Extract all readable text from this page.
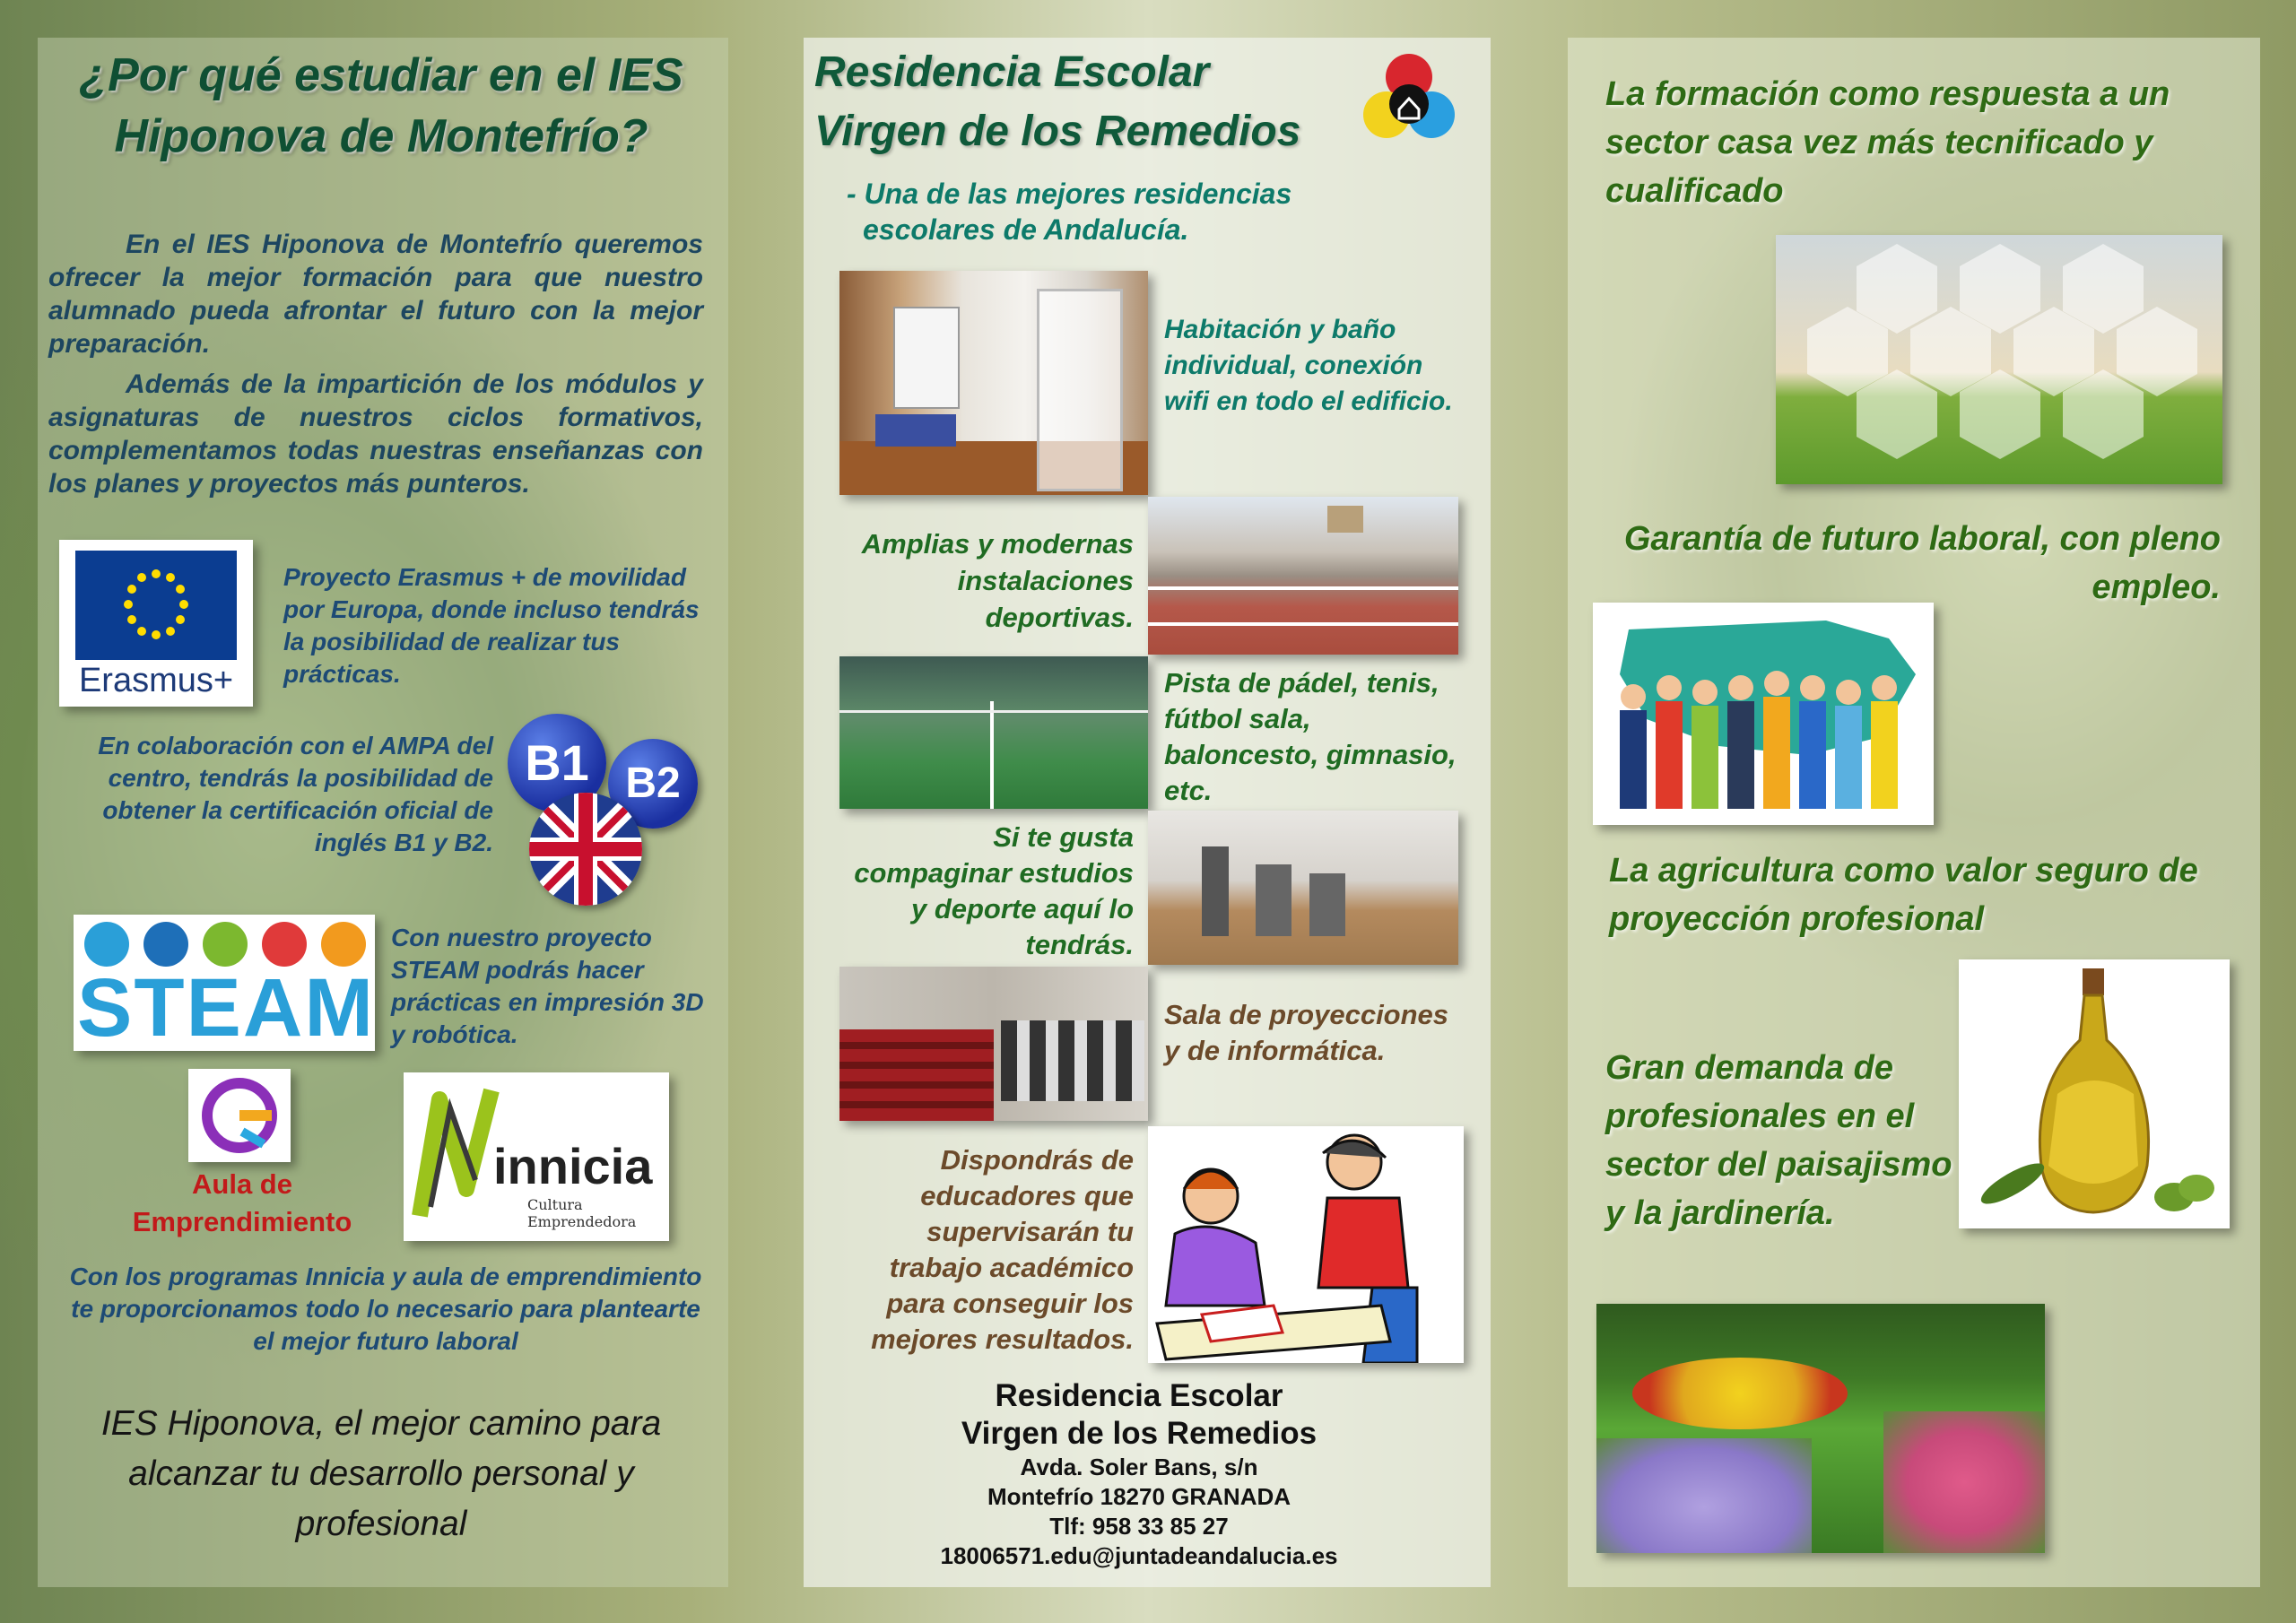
¿Por qué estudiar en el IES Hiponova de Montefrío?
En el IES Hiponova de Montefrío queremos ofrecer la mejor formación para que nuestro alumnado pueda afrontar el futuro con la mejor preparación.
Además de la impartición de los módulos y asignaturas de nuestros ciclos formativos, complementamos todas nuestras enseñanzas con los planes y proyectos más punteros.
Erasmus+
Proyecto Erasmus + de movilidad por Europa, donde incluso tendrás la posibilidad de realizar tus prácticas.
En colaboración con el AMPA del centro, tendrás la posibilidad de obtener la certificación oficial de inglés B1 y B2.
B1 B2
STEAM
Con nuestro proyecto STEAM podrás hacer prácticas en impresión 3D y robótica.
Aula de Emprendimiento
innicia
Cultura Emprendedora
Con los programas Innicia y aula de emprendimiento te proporcionamos todo lo necesario para plantearte el mejor futuro laboral
IES Hiponova, el mejor camino para alcanzar tu desarrollo personal y profesional
Residencia Escolar
Virgen de los Remedios
- Una de las mejores residencias escolares de Andalucía.
Habitación y baño individual, conexión wifi en todo el edificio.
Amplias y modernas instalaciones deportivas.
Pista de pádel, tenis, fútbol sala, baloncesto, gimnasio, etc.
Si te gusta compaginar estudios y deporte aquí lo tendrás.
Sala de proyecciones y de informática.
Dispondrás de educadores que supervisarán tu trabajo académico para conseguir los mejores resultados.
Residencia Escolar
Virgen de los Remedios
Avda. Soler Bans, s/n
Montefrío 18270 GRANADA
Tlf: 958 33 85 27
18006571.edu@juntadeandalucia.es
La formación como respuesta a un sector casa vez más tecnificado y cualificado
Garantía de futuro laboral, con pleno empleo.
La agricultura como valor seguro de proyección profesional
Gran demanda de profesionales en el sector del paisajismo y la jardinería.
